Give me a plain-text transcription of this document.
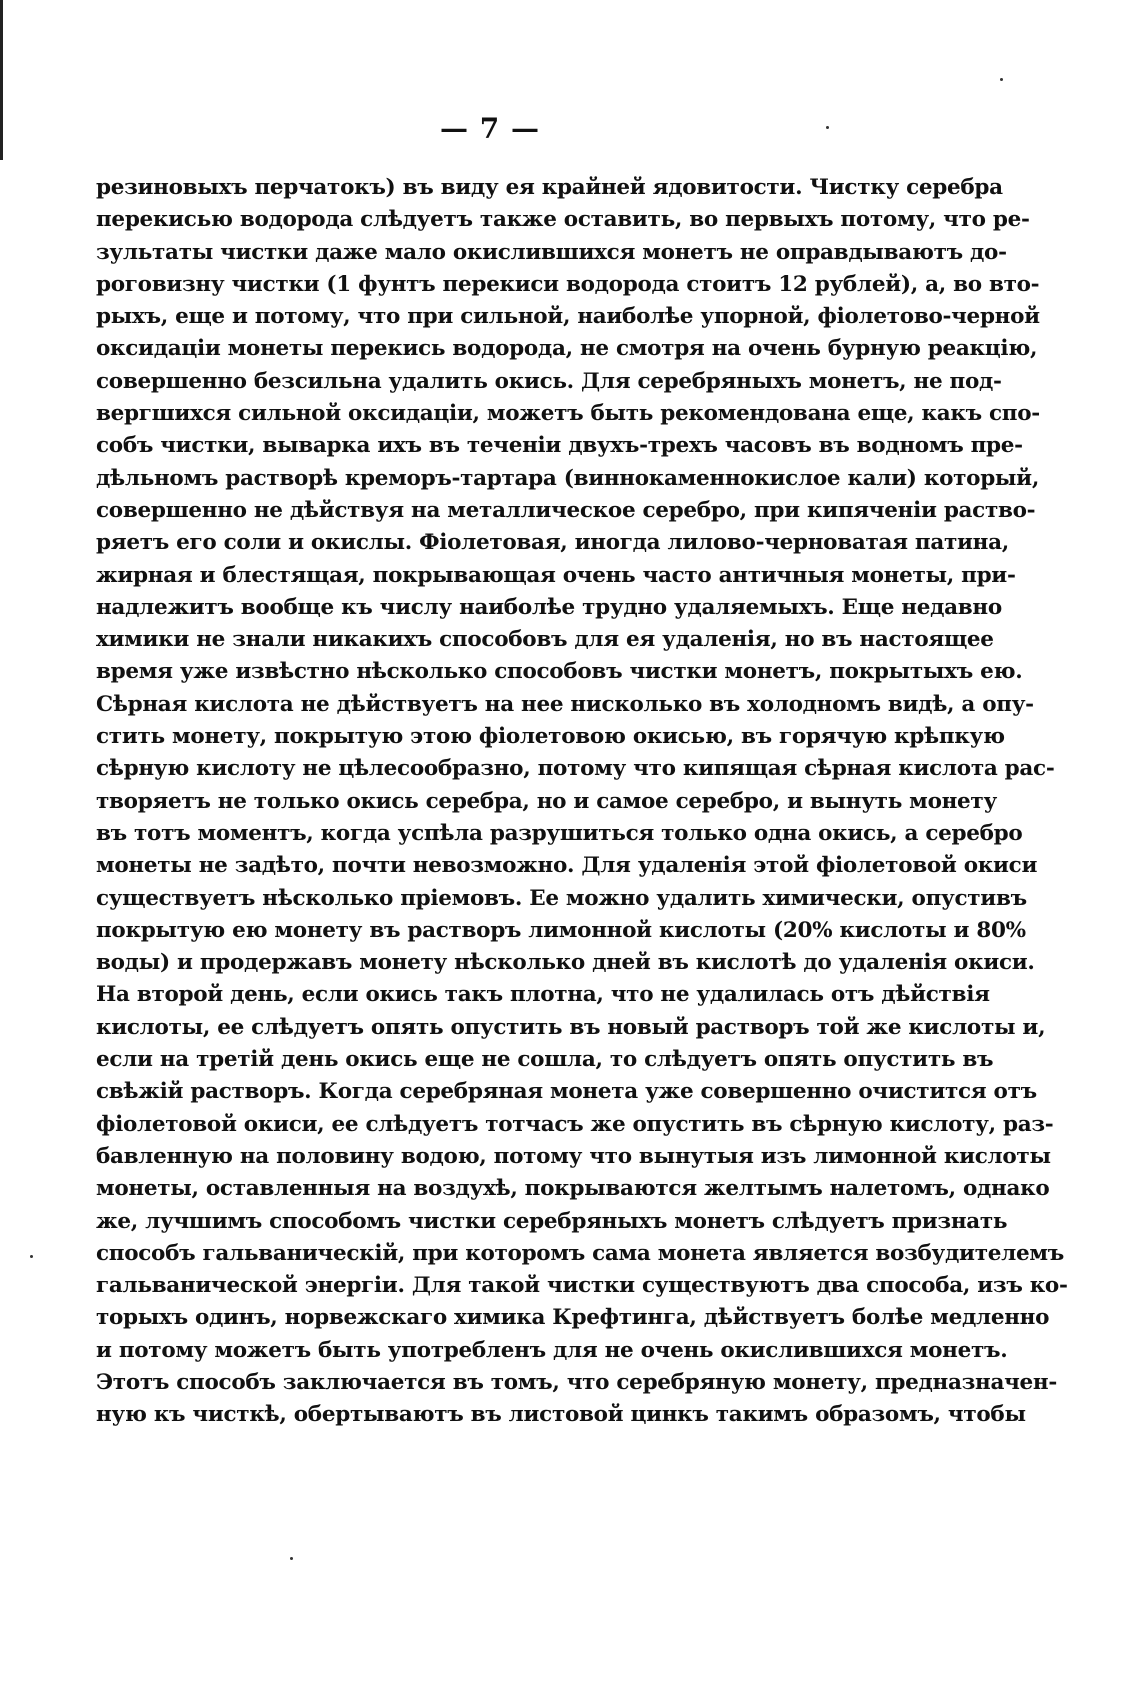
— 7 —
резиновыхъ перчатокъ) въ виду ея крайней ядовитости. Чистку серебра
перекисью водорода слѣдуетъ также оставить, во первыхъ потому, что ре-
зультаты чистки даже мало окислившихся монетъ не оправдываютъ до-
роговизну чистки (1 фунтъ перекиси водорода стоитъ 12 рублей), а, во вто-
рыхъ, еще и потому, что при сильной, наиболѣе упорной, фіолетово-черной
оксидаціи монеты перекись водорода, не смотря на очень бурную реакцію,
совершенно безсильна удалить окись. Для серебряныхъ монетъ, не под-
вергшихся сильной оксидаціи, можетъ быть рекомендована еще, какъ спо-
собъ чистки, выварка ихъ въ теченіи двухъ-трехъ часовъ въ водномъ пре-
дѣльномъ растворѣ креморъ-тартара (виннокаменнокислое кали) который,
совершенно не дѣйствуя на металлическое серебро, при кипяченіи раство-
ряетъ его соли и окислы. Фіолетовая, иногда лилово-черноватая патина,
жирная и блестящая, покрывающая очень часто античныя монеты, при-
надлежитъ вообще къ числу наиболѣе трудно удаляемыхъ. Еще недавно
химики не знали никакихъ способовъ для ея удаленія, но въ настоящее
время уже извѣстно нѣсколько способовъ чистки монетъ, покрытыхъ ею.
Сѣрная кислота не дѣйствуетъ на нее нисколько въ холодномъ видѣ, а опу-
стить монету, покрытую этою фіолетовою окисью, въ горячую крѣпкую
сѣрную кислоту не цѣлесообразно, потому что кипящая сѣрная кислота рас-
творяетъ не только окись серебра, но и самое серебро, и вынуть монету
въ тотъ моментъ, когда успѣла разрушиться только одна окись, а серебро
монеты не задѣто, почти невозможно. Для удаленія этой фіолетовой окиси
существуетъ нѣсколько пріемовъ. Ее можно удалить химически, опустивъ
покрытую ею монету въ растворъ лимонной кислоты (20% кислоты и 80%
воды) и продержавъ монету нѣсколько дней въ кислотѣ до удаленія окиси.
На второй день, если окись такъ плотна, что не удалилась отъ дѣйствія
кислоты, ее слѣдуетъ опять опустить въ новый растворъ той же кислоты и,
если на третій день окись еще не сошла, то слѣдуетъ опять опустить въ
свѣжій растворъ. Когда серебряная монета уже совершенно очистится отъ
фіолетовой окиси, ее слѣдуетъ тотчасъ же опустить въ сѣрную кислоту, раз-
бавленную на половину водою, потому что вынутыя изъ лимонной кислоты
монеты, оставленныя на воздухѣ, покрываются желтымъ налетомъ, однако
же, лучшимъ способомъ чистки серебряныхъ монетъ слѣдуетъ признать
способъ гальваническій, при которомъ сама монета является возбудителемъ
гальванической энергіи. Для такой чистки существуютъ два способа, изъ ко-
торыхъ одинъ, норвежскаго химика Крефтинга, дѣйствуетъ болѣе медленно
и потому можетъ быть употребленъ для не очень окислившихся монетъ.
Этотъ способъ заключается въ томъ, что серебряную монету, предназначен-
ную къ чисткѣ, обертываютъ въ листовой цинкъ такимъ образомъ, чтобы
